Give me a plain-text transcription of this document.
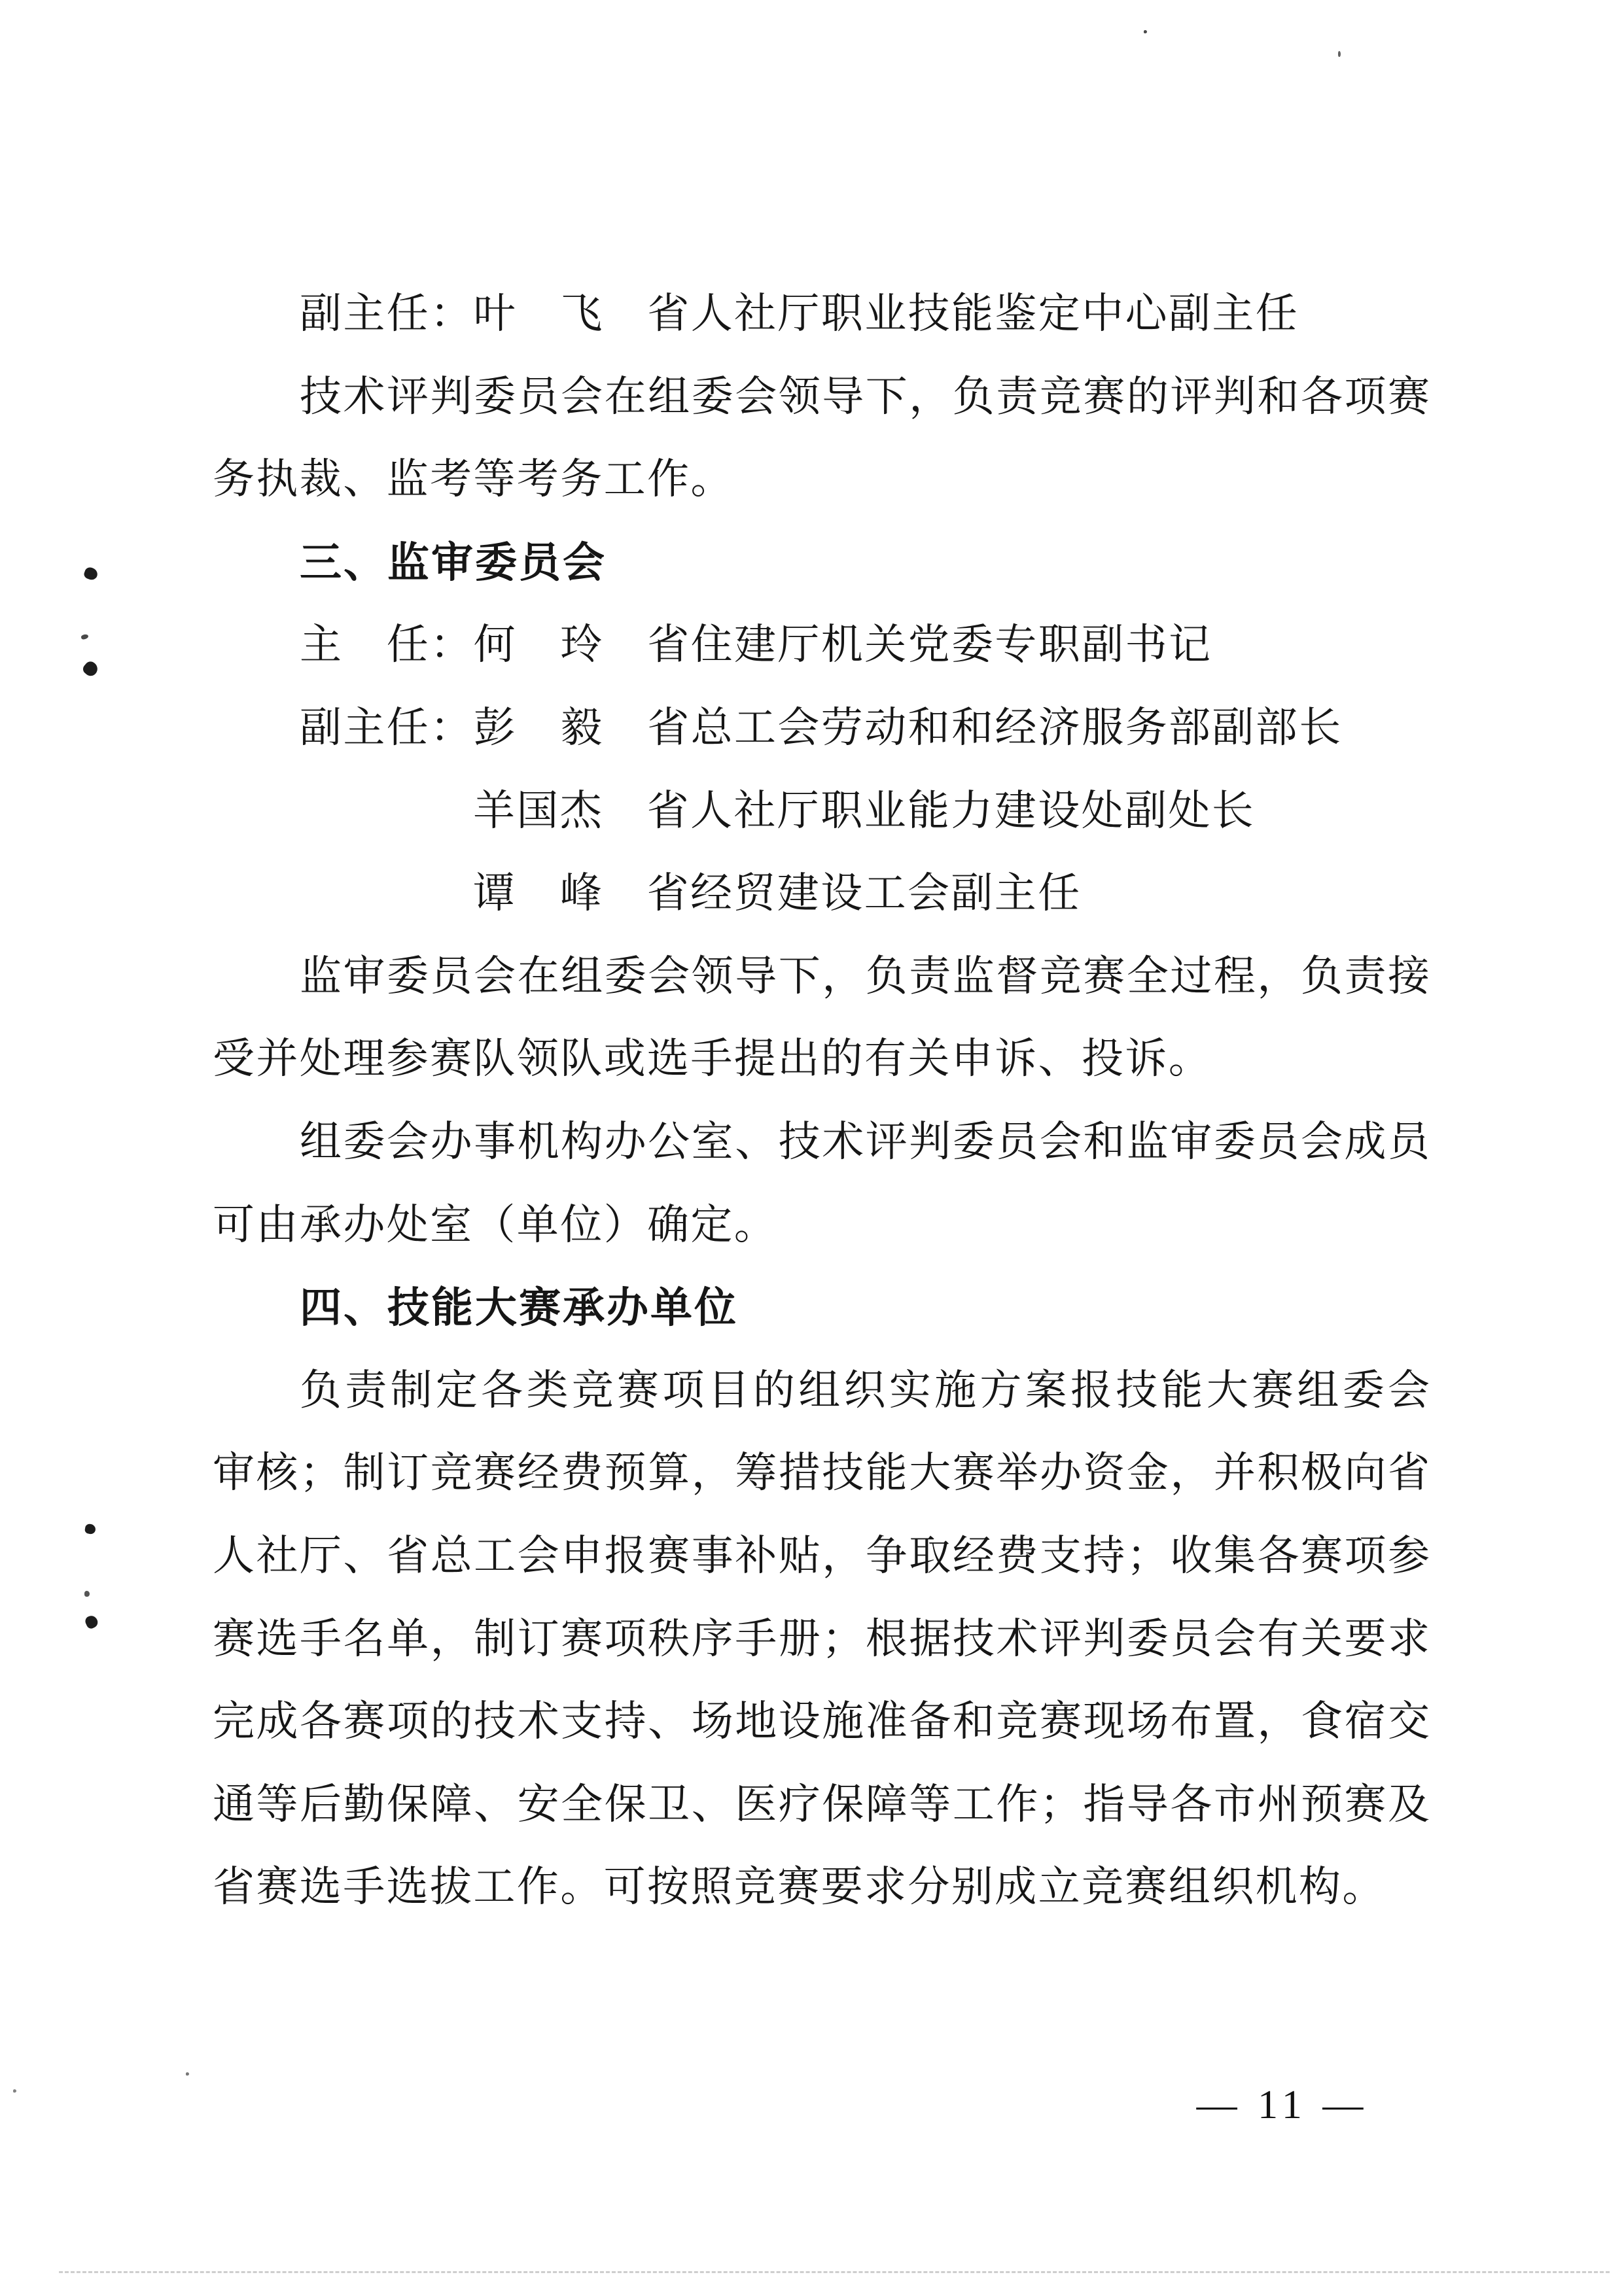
副主任：叶　飞　省人社厅职业技能鉴定中心副主任
技术评判委员会在组委会领导下，负责竞赛的评判和各项赛
务执裁、监考等考务工作。
三、监审委员会
主　任：何　玲　省住建厅机关党委专职副书记
副主任：彭　毅　省总工会劳动和和经济服务部副部长
羊国杰　省人社厅职业能力建设处副处长
谭　峰　省经贸建设工会副主任
监审委员会在组委会领导下，负责监督竞赛全过程，负责接
受并处理参赛队领队或选手提出的有关申诉、投诉。
组委会办事机构办公室、技术评判委员会和监审委员会成员
可由承办处室（单位）确定。
四、技能大赛承办单位
负责制定各类竞赛项目的组织实施方案报技能大赛组委会
审核；制订竞赛经费预算，筹措技能大赛举办资金，并积极向省
人社厅、省总工会申报赛事补贴，争取经费支持；收集各赛项参
赛选手名单，制订赛项秩序手册；根据技术评判委员会有关要求
完成各赛项的技术支持、场地设施准备和竞赛现场布置，食宿交
通等后勤保障、安全保卫、医疗保障等工作；指导各市州预赛及
省赛选手选拔工作。可按照竞赛要求分别成立竞赛组织机构。
— 11 —
